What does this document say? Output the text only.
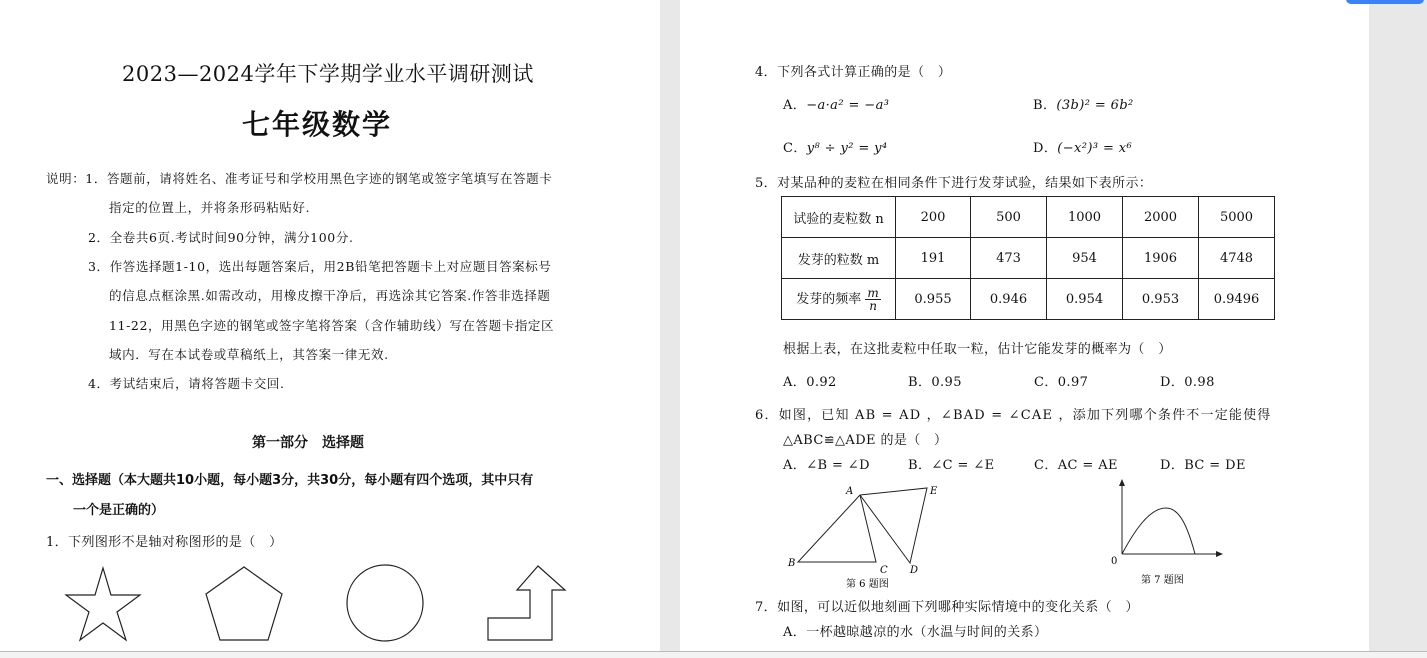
2023—2024学年下学期学业水平调研测试
七年级数学
说明：1．答题前，请将姓名、准考证号和学校用黑色字迹的钢笔或签字笔填写在答题卡
指定的位置上，并将条形码粘贴好.
2．全卷共6页.考试时间90分钟，满分100分.
3．作答选择题1-10，选出每题答案后，用2B铅笔把答题卡上对应题目答案标号
的信息点框涂黑.如需改动，用橡皮擦干净后，再选涂其它答案.作答非选择题
11-22，用黑色字迹的钢笔或签字笔将答案（含作辅助线）写在答题卡指定区
域内．写在本试卷或草稿纸上，其答案一律无效.
4．考试结束后，请将答题卡交回.
第一部分　选择题
一、选择题（本大题共10小题，每小题3分，共30分，每小题有四个选项，其中只有
一个是正确的）
1．下列图形不是轴对称图形的是（　）
4．下列各式计算正确的是（　）
A．−a·a² = −a³	B．(3b)² = 6b²
C．y⁸ ÷ y² = y⁴	D．(−x²)³ = x⁶
5．对某品种的麦粒在相同条件下进行发芽试验，结果如下表所示：
试验的麦粒数 n	200	500	1000	2000	5000
发芽的粒数 m	191	473	954	1906	4748
发芽的频率 $\frac{m}{n}$	0.955	0.946	0.954	0.953	0.9496
根据上表，在这批麦粒中任取一粒，估计它能发芽的概率为（　）
A．0.92	B．0.95	C．0.97	D．0.98
6．如图，已知 AB = AD ，∠BAD = ∠CAE ，添加下列哪个条件不一定能使得
△ABC≌△ADE 的是（　）
A．∠B = ∠D	B．∠C = ∠E	C．AC = AE	D．BC = DE
A
B
C D
E
第 6 题图
0
第 7 题图
7．如图，可以近似地刻画下列哪种实际情境中的变化关系（　）
A．一杯越晾越凉的水（水温与时间的关系）
